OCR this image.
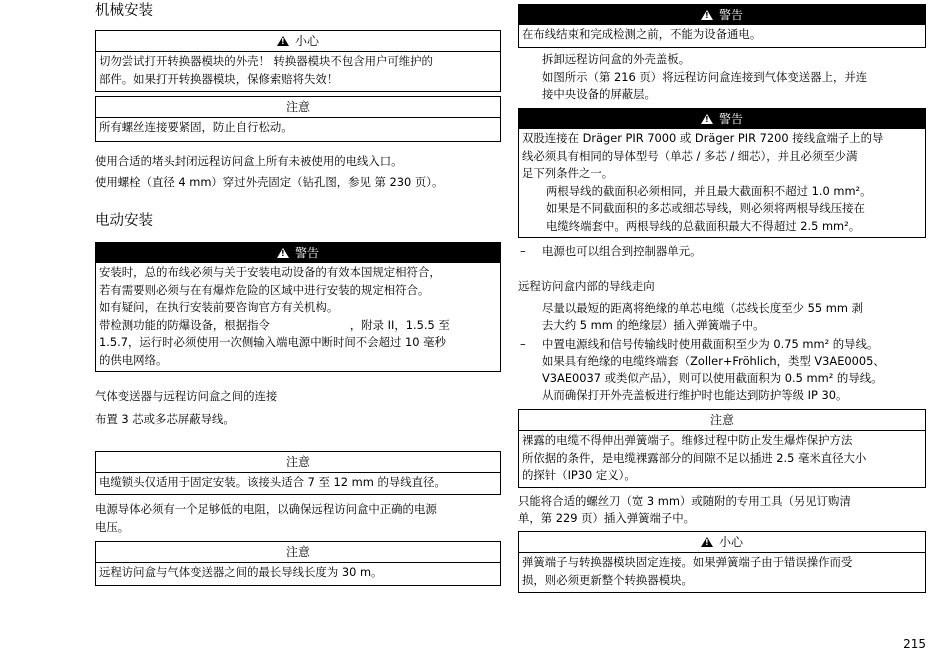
机械安装
!小心
切勿尝试打开转换器模块的外壳！ 转换器模块不包含用户可维护的
部件。如果打开转换器模块，保修索赔将失效！
注意
所有螺丝连接要紧固，防止自行松动。

使用合适的堵头封闭远程访问盒上所有未被使用的电线入口。

使用螺栓（直径 4 mm）穿过外壳固定（钻孔图，参见 第 230 页）。

电动安装
!警告
安装时，总的布线必须与关于安装电动设备的有效本国规定相符合，
若有需要则必须与在有爆炸危险的区域中进行安装的规定相符合。
如有疑问，在执行安装前要咨询官方有关机构。
带检测功能的防爆设备，根据指令	，附录 II，1.5.5 至
1.5.7，运行时必须使用一次侧输入端电源中断时间不会超过 10 毫秒
的供电网络。

气体变送器与远程访问盒之间的连接

布置 3 芯或多芯屏蔽导线。

注意
电缆锁头仅适用于固定安装。该接头适合 7 至 12 mm 的导线直径。

电源导体必须有一个足够低的电阻，以确保远程访问盒中正确的电源

电压。

注意
远程访问盒与气体变送器之间的最长导线长度为 30 m。
!警告
在布线结束和完成检测之前，不能为设备通电。

拆卸远程访问盒的外壳盖板。

如图所示（第 216 页）将远程访问盒连接到气体变送器上，并连

接中央设备的屏蔽层。

!警告
双股连接在 Dräger PIR 7000 或 Dräger PIR 7200 接线盒端子上的导
线必须具有相同的导体型号（单芯 / 多芯 / 细芯），并且必须至少满
足下列条件之一。
两根导线的截面积必须相同，并且最大截面积不超过 1.0 mm²。
如果是不同截面积的多芯或细芯导线，则必须将两根导线压接在
电缆终端套中。两根导线的总截面积最大不得超过 2.5 mm²。
– 电源也可以组合到控制器单元。

远程访问盒内部的导线走向

尽量以最短的距离将绝缘的单芯电缆（芯线长度至少 55 mm 剥

去大约 5 mm 的绝缘层）插入弹簧端子中。

– 中置电源线和信号传输线时使用截面积至少为 0.75 mm² 的导线。

如果具有绝缘的电缆终端套（Zoller+Fröhlich，类型 V3AE0005、

V3AE0037 或类似产品），则可以使用截面积为 0.5 mm² 的导线。

从而确保打开外壳盖板进行维护时也能达到防护等级 IP 30。

注意
裸露的电缆不得伸出弹簧端子。维修过程中防止发生爆炸保护方法
所依据的条件，是电缆裸露部分的间隙不足以插进 2.5 毫米直径大小
的探针（IP30 定义）。

只能将合适的螺丝刀（宽 3 mm）或随附的专用工具（另见订购清

单，第 229 页）插入弹簧端子中。

!小心
弹簧端子与转换器模块固定连接。如果弹簧端子由于错误操作而受
损，则必须更新整个转换器模块。
215
